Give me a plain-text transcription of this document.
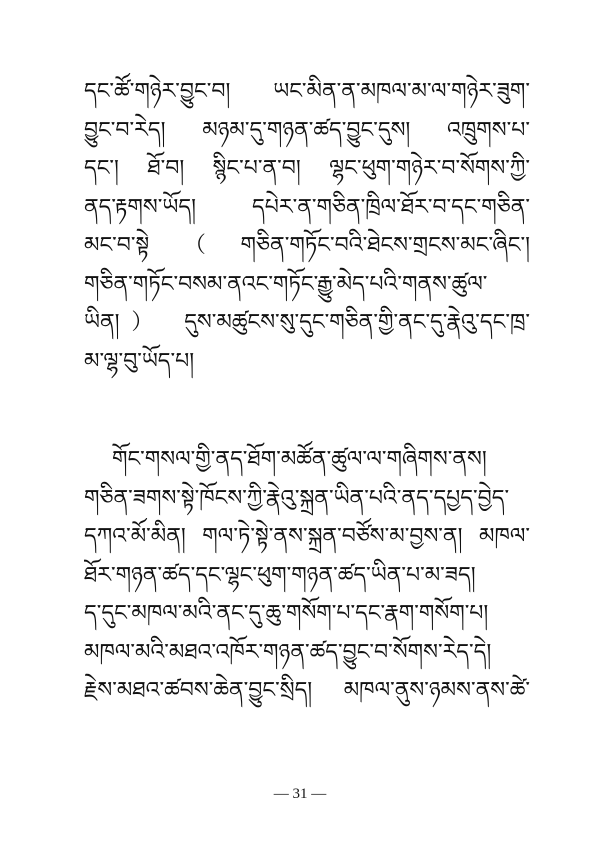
དང་ཚོ་གཉེར་བྱུང་བ། ཡང་མིན་ན་མཁལ་མ་ལ་གཉེར་ཟུག་
བྱུང་བ་རེད། མཉམ་དུ་གཉན་ཚད་བྱུང་དུས། འཁྲུགས་པ་
དང་། ཐོ་བ། སྙིང་པ་ན་བ། ལྷང་ཕུག་གཉེར་བ་སོགས་ཀྱི་
ནད་རྟགས་ཡོད། དཔེར་ན་གཅིན་ཁྲིལ་ཐོར་བ་དང་གཅིན་
མང་བ་སྟེ（གཅིན་གཏོང་བའི་ཐེངས་གྲངས་མང་ཞིང་།
གཅིན་གཏོང་བསམ་ནའང་གཏོང་རྒྱུ་མེད་པའི་གནས་ཚུལ་
ཡིན།） དུས་མཚུངས་སུ་དུང་གཅིན་གྱི་ནང་དུ་རྣེའུ་དང་ཁྲ་
མ་ལྷ་བུ་ཡོད་པ།
གོང་གསལ་གྱི་ནད་ཐོག་མཚོན་ཚུལ་ལ་གཞིགས་ནས།
གཅིན་ཟགས་སྟེ་ཁོངས་ཀྱི་རྣེའུ་སྐྲན་ཡིན་པའི་ནད་དཔྱད་བྱེད་
དཀའ་མོ་མིན། གལ་ཏེ་སྟེ་ནས་སྐྲན་བཙོས་མ་བྱས་ན། མཁལ་
ཐོར་གཉན་ཚད་དང་ལྷང་ཕུག་གཉན་ཚད་ཡིན་པ་མ་ཟད།
ད་དུང་མཁལ་མའི་ནང་དུ་ཆུ་གསོག་པ་དང་རྣག་གསོག་པ།
མཁལ་མའི་མཐའ་འཁོར་གཉན་ཚད་བྱུང་བ་སོགས་རེད་དེ།
རྗེས་མཐའ་ཚབས་ཆེན་བྱུང་སྲིད། མཁལ་ནུས་ཉམས་ནས་ཚེ་
— 31 —
